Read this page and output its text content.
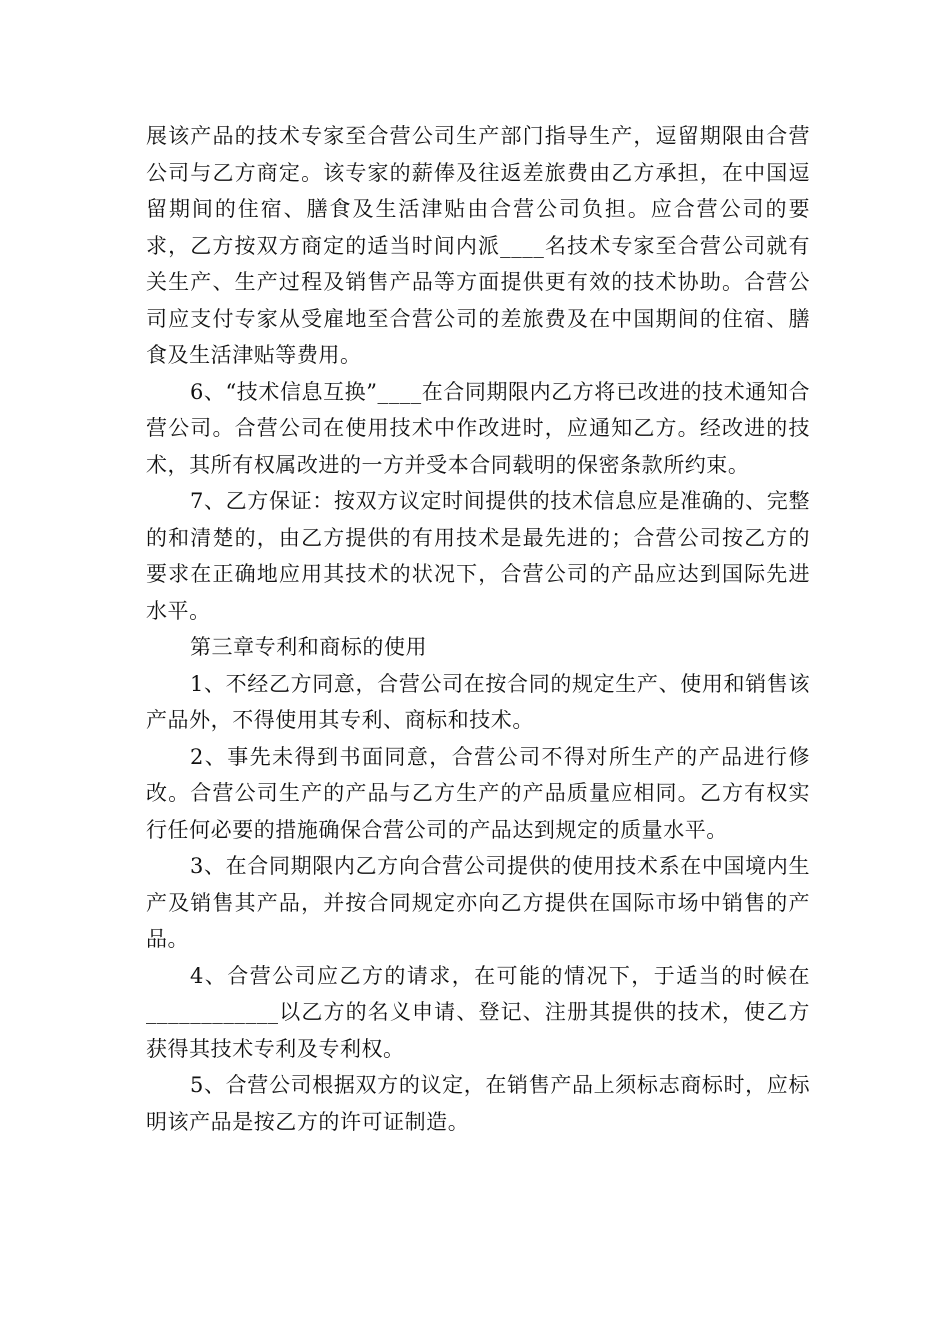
展该产品的技术专家至合营公司生产部门指导生产，逗留期限由合营公司与乙方商定。该专家的薪俸及往返差旅费由乙方承担，在中国逗留期间的住宿、膳食及生活津贴由合营公司负担。应合营公司的要求，乙方按双方商定的适当时间内派____名技术专家至合营公司就有关生产、生产过程及销售产品等方面提供更有效的技术协助。合营公司应支付专家从受雇地至合营公司的差旅费及在中国期间的住宿、膳食及生活津贴等费用。

6、“技术信息互换”____在合同期限内乙方将已改进的技术通知合营公司。合营公司在使用技术中作改进时，应通知乙方。经改进的技术，其所有权属改进的一方并受本合同载明的保密条款所约束。

7、乙方保证：按双方议定时间提供的技术信息应是准确的、完整的和清楚的，由乙方提供的有用技术是最先进的；合营公司按乙方的要求在正确地应用其技术的状况下，合营公司的产品应达到国际先进水平。

第三章专利和商标的使用

1、不经乙方同意，合营公司在按合同的规定生产、使用和销售该产品外，不得使用其专利、商标和技术。

2、事先未得到书面同意，合营公司不得对所生产的产品进行修改。合营公司生产的产品与乙方生产的产品质量应相同。乙方有权实行任何必要的措施确保合营公司的产品达到规定的质量水平。

3、在合同期限内乙方向合营公司提供的使用技术系在中国境内生产及销售其产品，并按合同规定亦向乙方提供在国际市场中销售的产品。

4、合营公司应乙方的请求，在可能的情况下，于适当的时候在____________以乙方的名义申请、登记、注册其提供的技术，使乙方获得其技术专利及专利权。

5、合营公司根据双方的议定，在销售产品上须标志商标时，应标明该产品是按乙方的许可证制造。
